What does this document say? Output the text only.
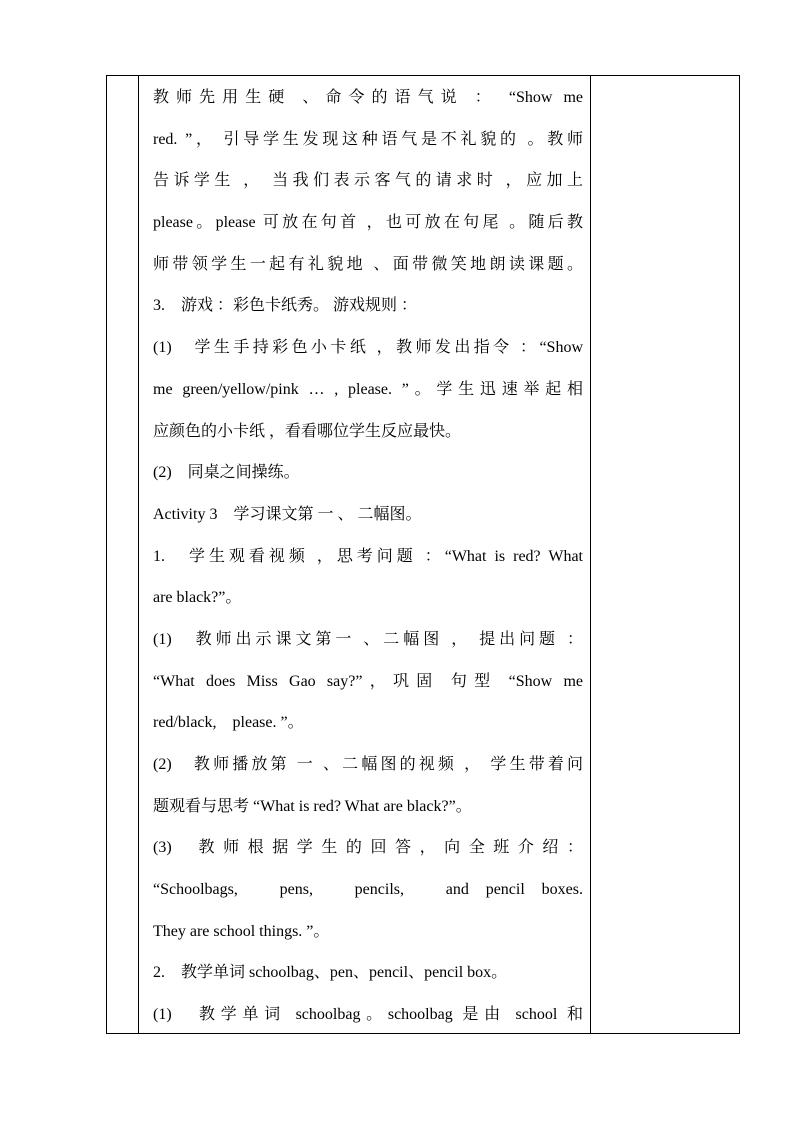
教师先用生硬 、命令的语气说 ： “Show me
red. ”， 引导学生发现这种语气是不礼貌的 。教师
告诉学生 ， 当我们表示客气的请求时 ，应加上
please。please 可放在句首 ，也可放在句尾 。随后教
师带领学生一起有礼貌地 、面带微笑地朗读课题。
3.　游戏 ：彩色卡纸秀。 游戏规则 ：
(1)　学生手持彩色小卡纸 ，教师发出指令 ：“Show
me green/yellow/pink … , please. ”。学生迅速举起相
应颜色的小卡纸 ，看看哪位学生反应最快。
(2)　同桌之间操练。
Activity 3　学习课文第 一 、 二幅图。
1.　学生观看视频 ，思考问题 ：“What is red? What
are black?”。
(1)　教师出示课文第一 、二幅图 ， 提出问题 ：
“What does Miss Gao say?”，巩固 句型 “Show me
red/black,　please. ”。
(2)　教师播放第 一 、二幅图的视频 ， 学生带着问
题观看与思考 “What is red? What are black?”。
(3)　 教 师 根 据 学 生 的 回 答 ， 向 全 班 介 绍 ：
“Schoolbags,　pens,　pencils,　and pencil boxes.
They are school things. ”。
2.　教学单词 schoolbag、pen、pencil、pencil box。
(1)　教学单词 schoolbag。schoolbag 是由 school 和
